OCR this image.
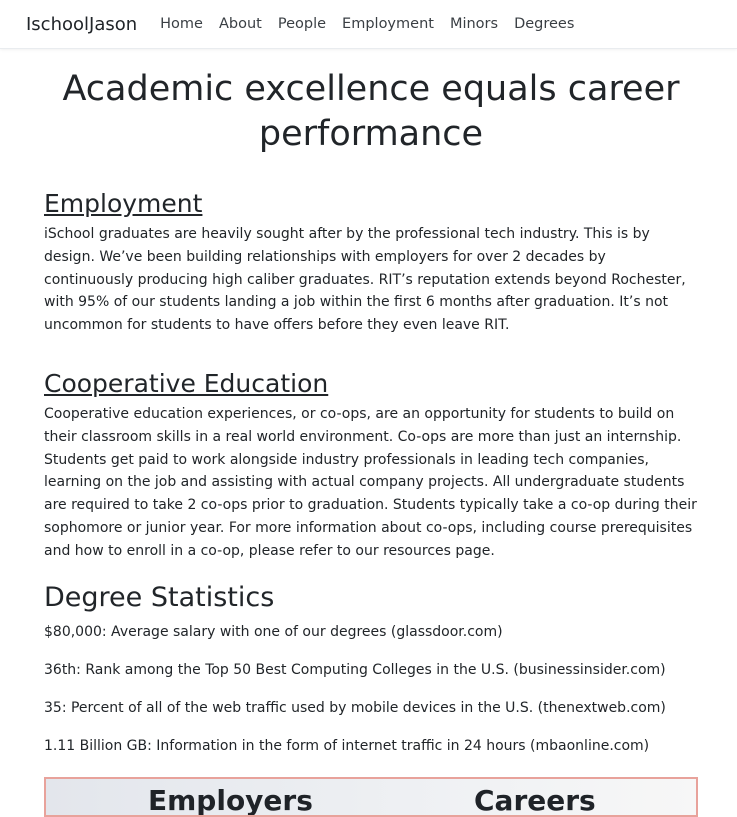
IschoolJason	Home	About	People	Employment	Minors	Degrees
Academic excellence equals career performance
Employment

iSchool graduates are heavily sought after by the professional tech industry. This is by design. We’ve been building relationships with employers for over 2 decades by continuously producing high caliber graduates. RIT’s reputation extends beyond Rochester, with 95% of our students landing a job within the first 6 months after graduation. It’s not uncommon for students to have offers before they even leave RIT.

Cooperative Education

Cooperative education experiences, or co-ops, are an opportunity for students to build on their classroom skills in a real world environment. Co-ops are more than just an internship. Students get paid to work alongside industry professionals in leading tech companies, learning on the job and assisting with actual company projects. All undergraduate students are required to take 2 co-ops prior to graduation. Students typically take a co-op during their sophomore or junior year. For more information about co-ops, including course prerequisites and how to enroll in a co-op, please refer to our resources page.

Degree Statistics

$80,000: Average salary with one of our degrees (glassdoor.com)

36th: Rank among the Top 50 Best Computing Colleges in the U.S. (businessinsider.com)

35: Percent of all of the web traffic used by mobile devices in the U.S. (thenextweb.com)

1.11 Billion GB: Information in the form of internet traffic in 24 hours (mbaonline.com)

Employers	Careers
